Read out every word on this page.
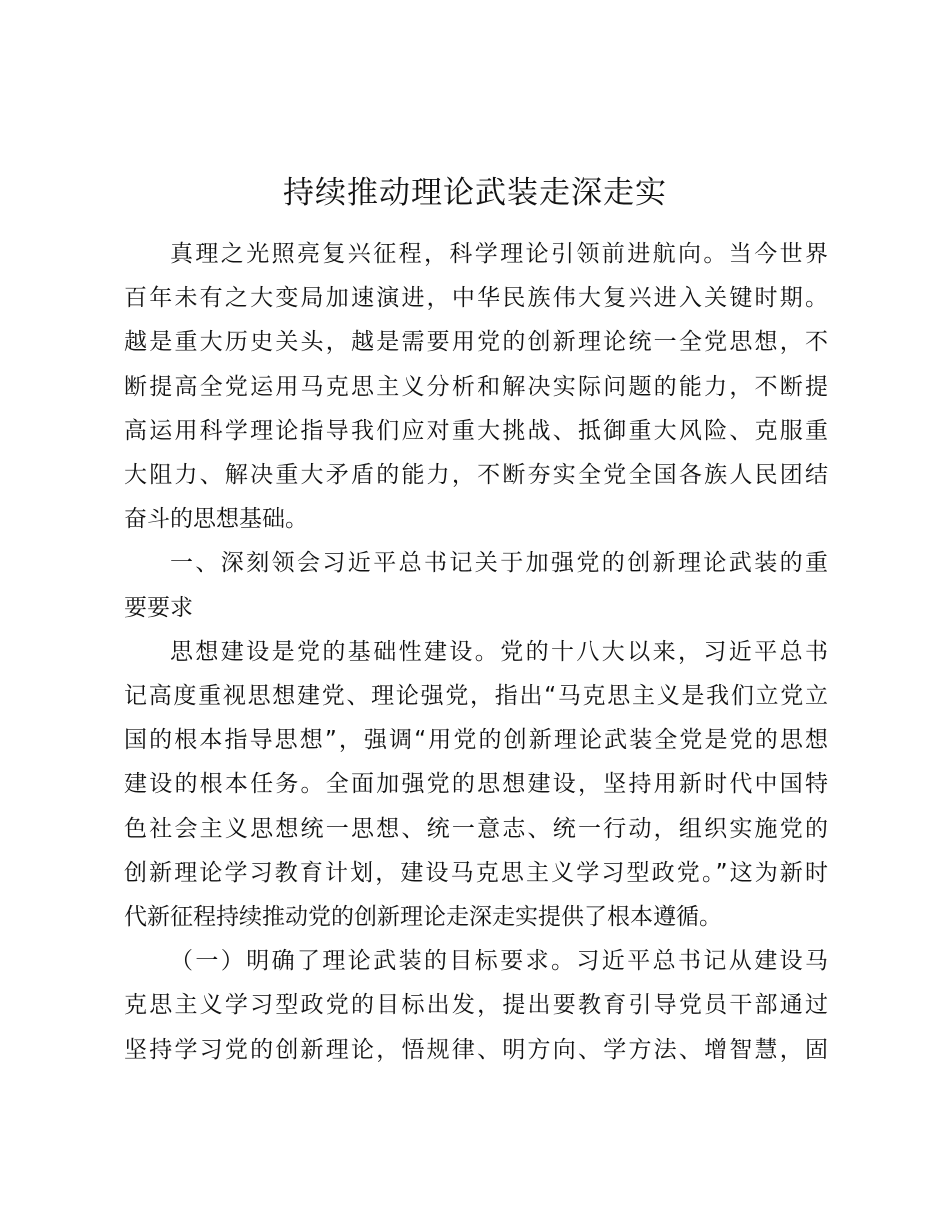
持续推动理论武装走深走实

真理之光照亮复兴征程，科学理论引领前进航向。当今世界
百年未有之大变局加速演进，中华民族伟大复兴进入关键时期。
越是重大历史关头，越是需要用党的创新理论统一全党思想，不
断提高全党运用马克思主义分析和解决实际问题的能力，不断提
高运用科学理论指导我们应对重大挑战、抵御重大风险、克服重
大阻力、解决重大矛盾的能力，不断夯实全党全国各族人民团结
奋斗的思想基础。

一、深刻领会习近平总书记关于加强党的创新理论武装的重
要要求

思想建设是党的基础性建设。党的十八大以来，习近平总书
记高度重视思想建党、理论强党，指出“马克思主义是我们立党立
国的根本指导思想”，强调“用党的创新理论武装全党是党的思想
建设的根本任务。全面加强党的思想建设，坚持用新时代中国特
色社会主义思想统一思想、统一意志、统一行动，组织实施党的
创新理论学习教育计划，建设马克思主义学习型政党。”这为新时
代新征程持续推动党的创新理论走深走实提供了根本遵循。

（一）明确了理论武装的目标要求。习近平总书记从建设马
克思主义学习型政党的目标出发，提出要教育引导党员干部通过
坚持学习党的创新理论，悟规律、明方向、学方法、增智慧，固
